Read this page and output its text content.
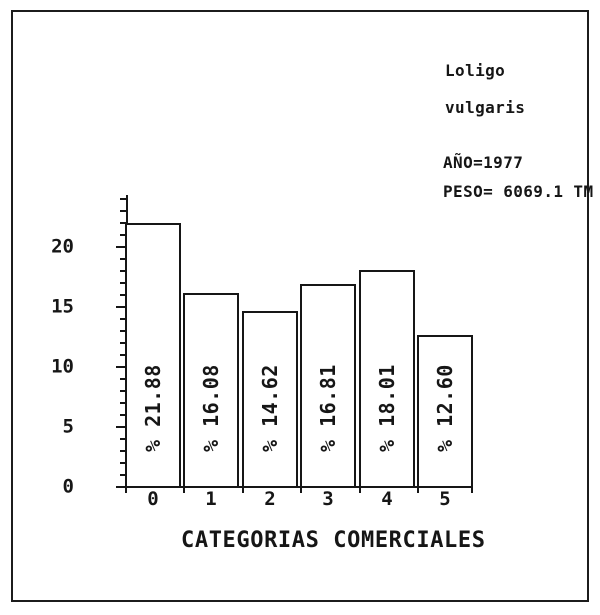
0
5
10
15
20
% 21.88
0
% 16.08
1
% 14.62
2
% 16.81
3
% 18.01
4
% 12.60
5
Loligo
vulgaris
AÑO=1977
PESO= 6069.1 TM
CATEGORIAS COMERCIALES
